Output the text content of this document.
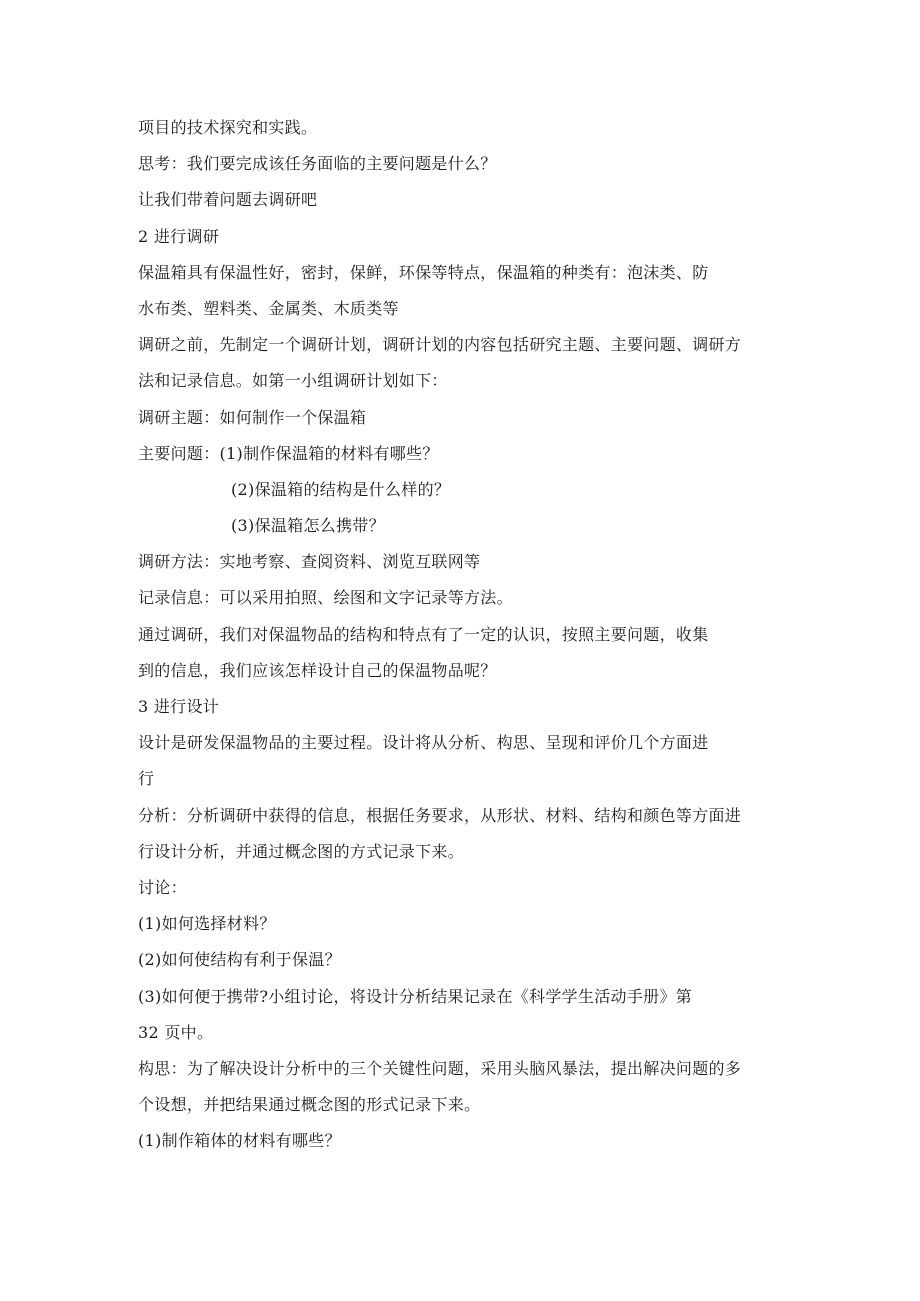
项目的技术探究和实践。
思考：我们要完成该任务面临的主要问题是什么？
让我们带着问题去调研吧
2 进行调研
保温箱具有保温性好，密封，保鲜，环保等特点，保温箱的种类有：泡沫类、防
水布类、塑料类、金属类、木质类等
调研之前，先制定一个调研计划，调研计划的内容包括研究主题、主要问题、调研方
法和记录信息。如第一小组调研计划如下：
调研主题：如何制作一个保温箱
主要问题：(1)制作保温箱的材料有哪些？
(2)保温箱的结构是什么样的？
(3)保温箱怎么携带？
调研方法：实地考察、查阅资料、浏览互联网等
记录信息：可以采用拍照、绘图和文字记录等方法。
通过调研，我们对保温物品的结构和特点有了一定的认识，按照主要问题，收集
到的信息，我们应该怎样设计自己的保温物品呢？
3 进行设计
设计是研发保温物品的主要过程。设计将从分析、构思、呈现和评价几个方面进
行
分析：分析调研中获得的信息，根据任务要求，从形状、材料、结构和颜色等方面进
行设计分析，并通过概念图的方式记录下来。
讨论：
(1)如何选择材料？
(2)如何使结构有利于保温？
(3)如何便于携带?小组讨论，将设计分析结果记录在《科学学生活动手册》第
32 页中。
构思：为了解决设计分析中的三个关键性问题，采用头脑风暴法，提出解决问题的多
个设想，并把结果通过概念图的形式记录下来。
(1)制作箱体的材料有哪些？
